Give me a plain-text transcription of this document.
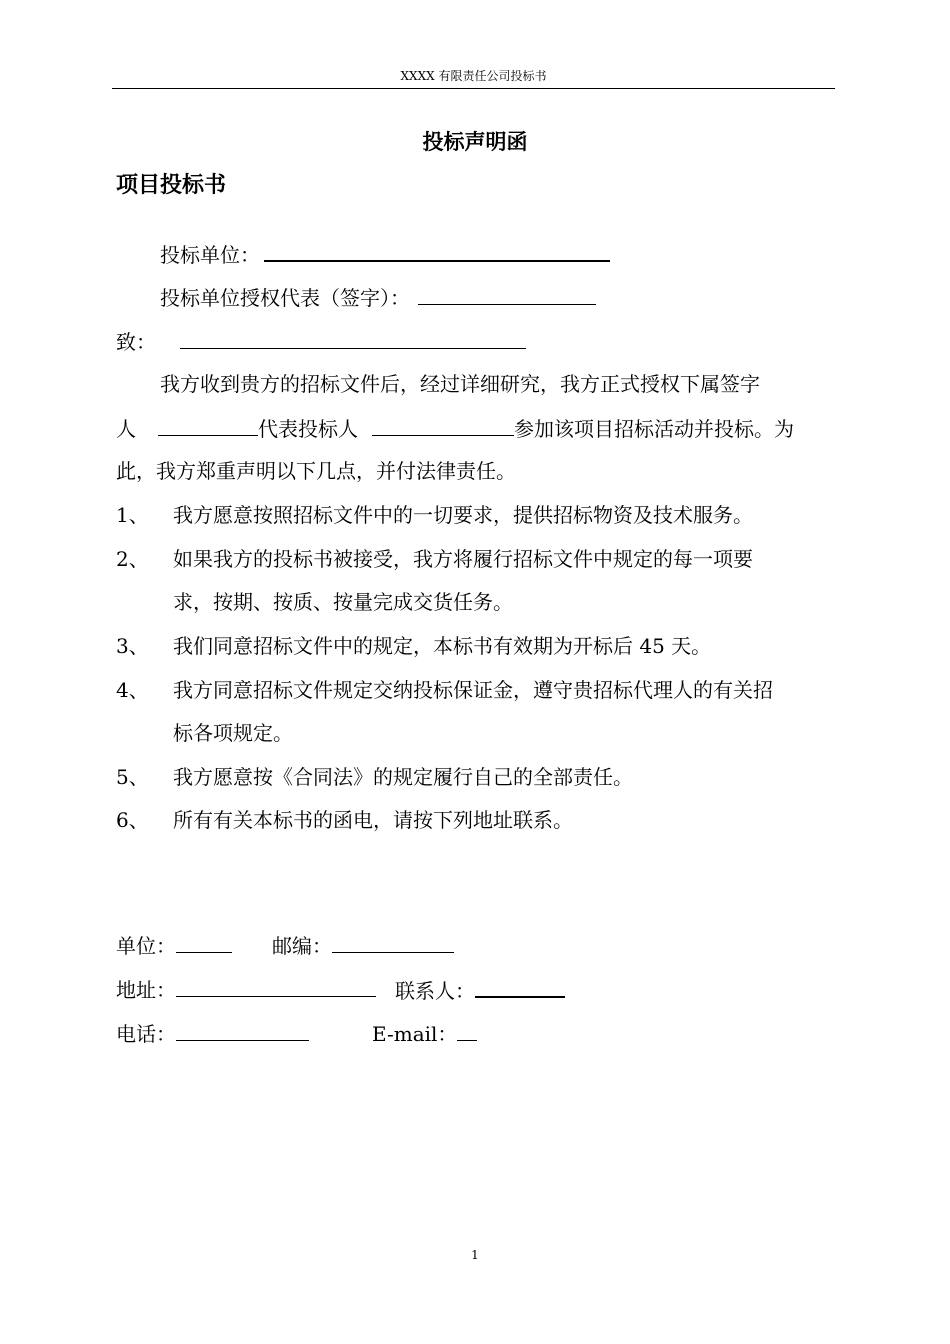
XXXX 有限责任公司投标书
投标声明函
项目投标书
投标单位：
投标单位授权代表（签字）：
致：
我方收到贵方的招标文件后，经过详细研究，我方正式授权下属签字
人	代表投标人	参加该项目招标活动并投标。为
此，我方郑重声明以下几点，并付法律责任。
1、 我方愿意按照招标文件中的一切要求，提供招标物资及技术服务。
2、 如果我方的投标书被接受，我方将履行招标文件中规定的每一项要
求，按期、按质、按量完成交货任务。
3、 我们同意招标文件中的规定，本标书有效期为开标后 45 天。
4、 我方同意招标文件规定交纳投标保证金，遵守贵招标代理人的有关招
标各项规定。
5、 我方愿意按《合同法》的规定履行自己的全部责任。
6、 所有有关本标书的函电，请按下列地址联系。
单位：	邮编：
地址：	联系人：
电话：	E-mail：
1
